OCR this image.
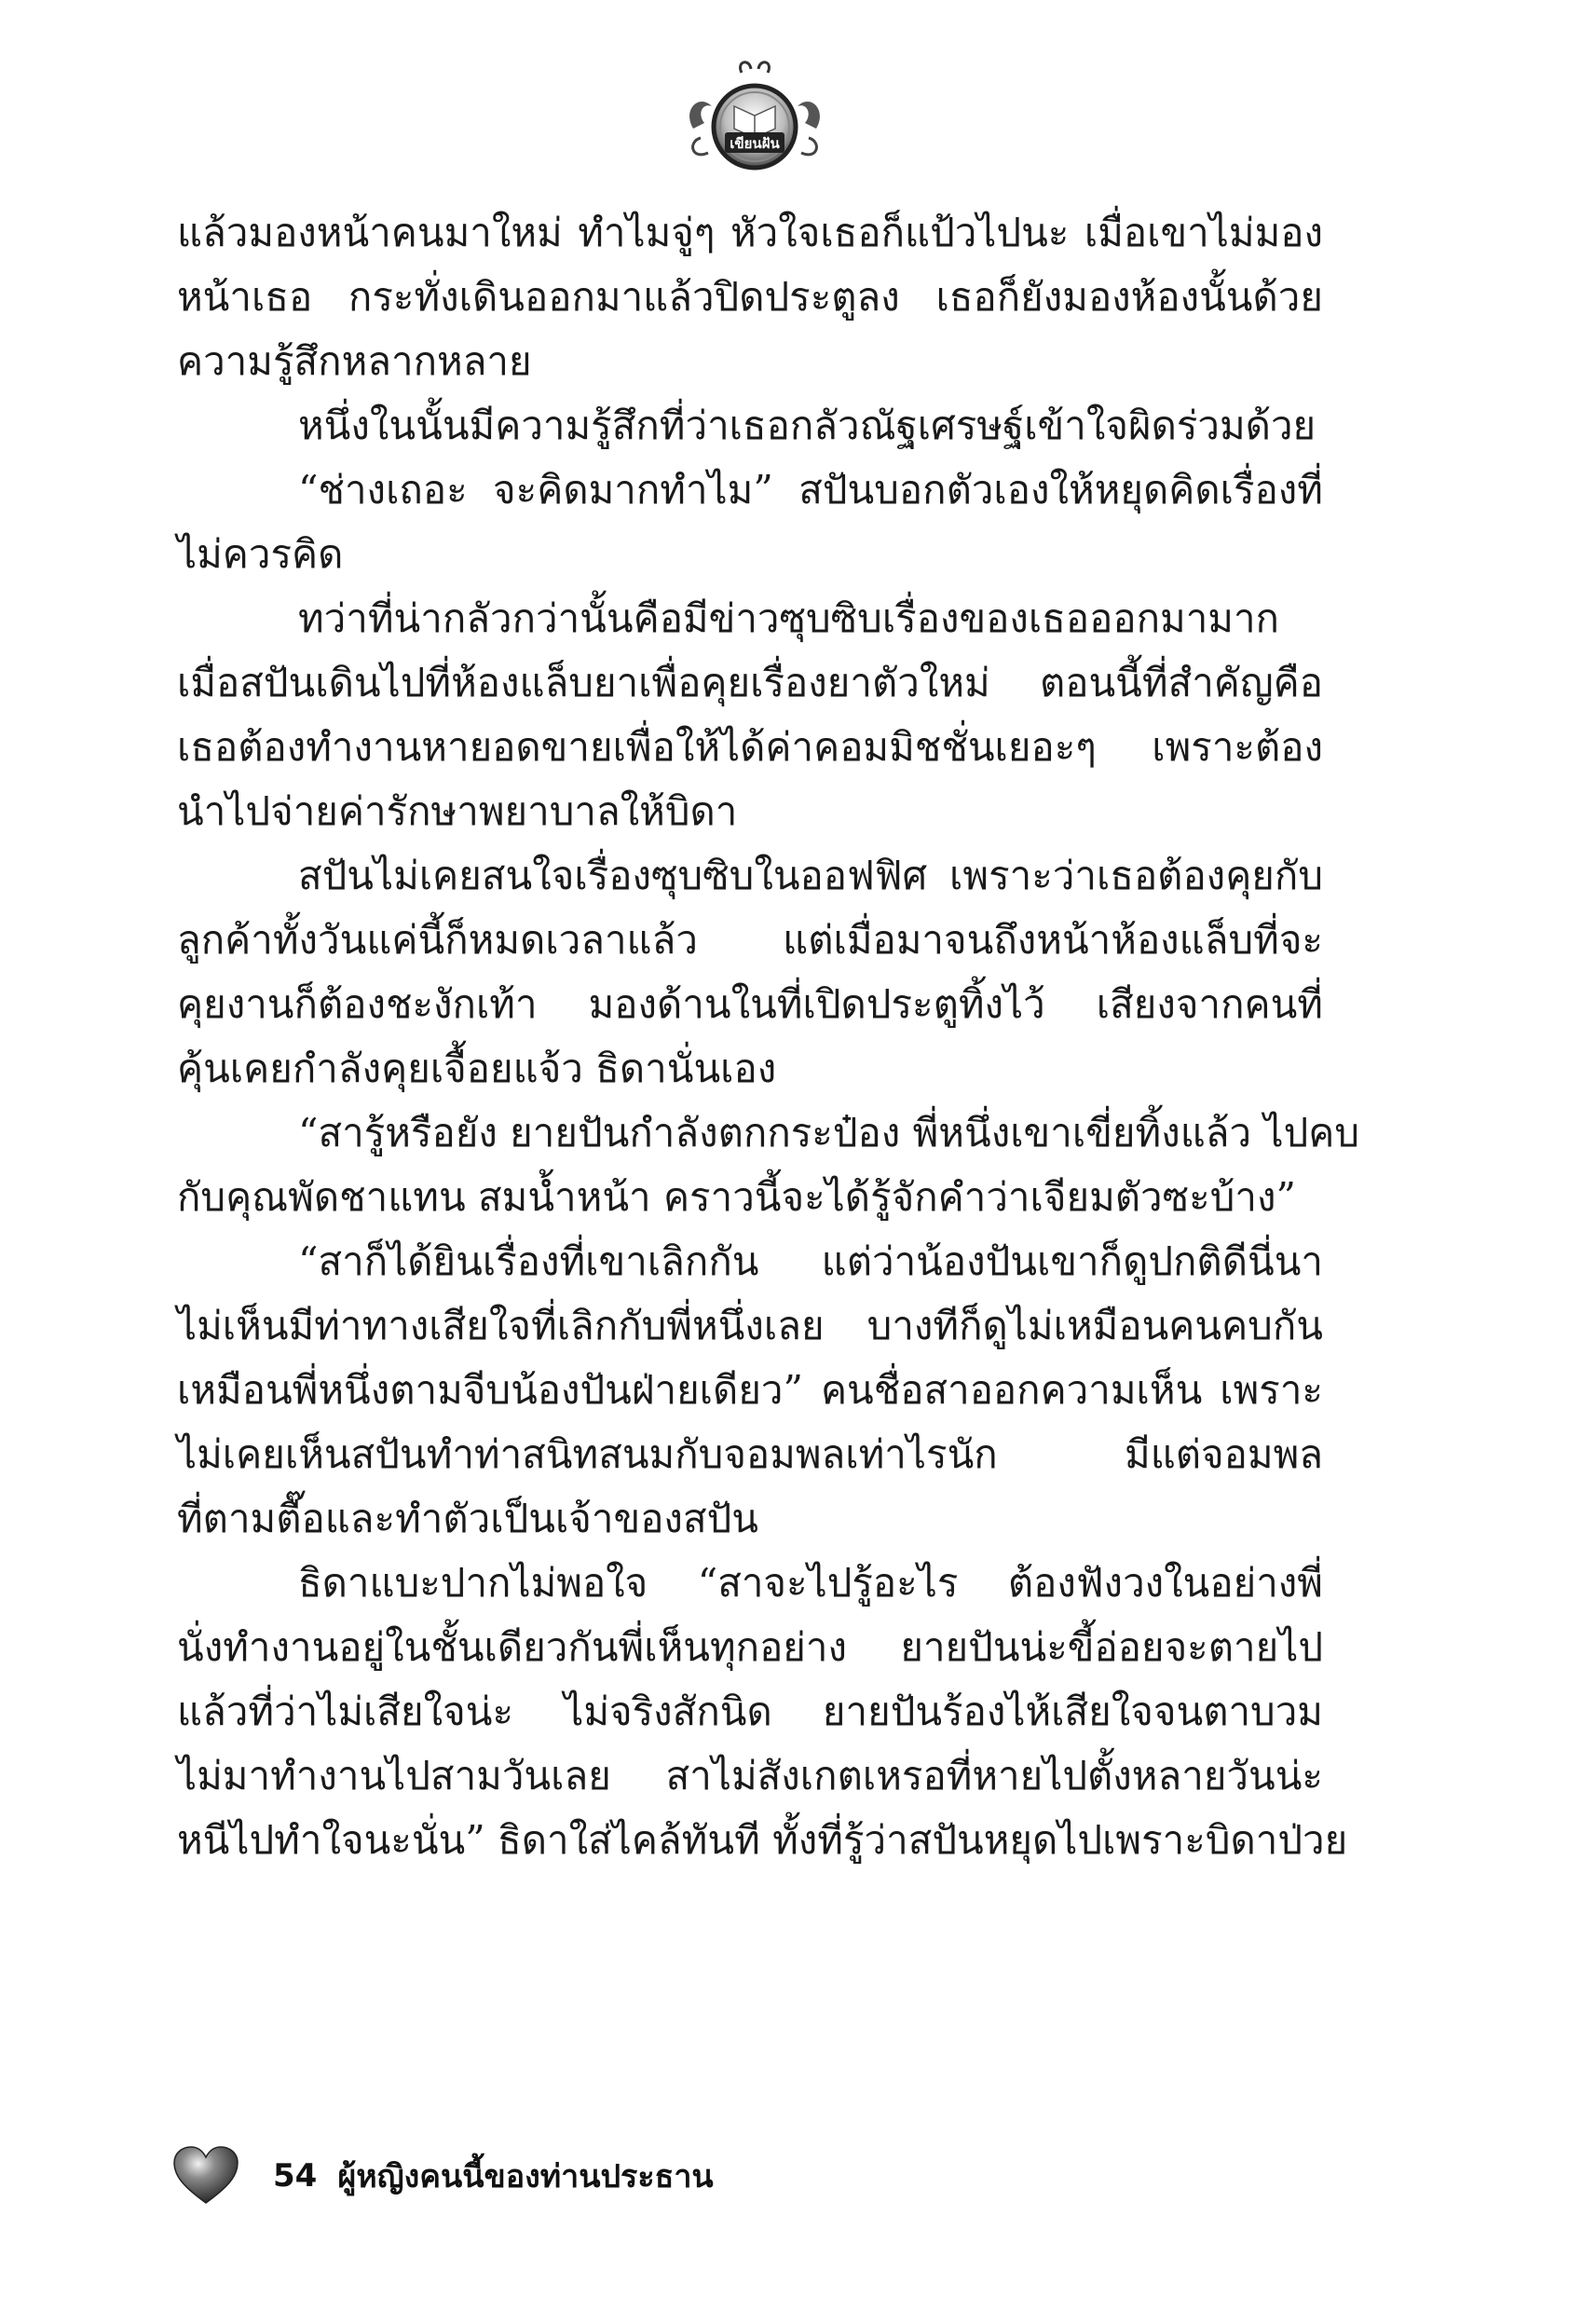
เขียนฝัน
แล้วมองหน้าคนมาใหม่ ทำไมจู่ๆ หัวใจเธอก็แป้วไปนะ เมื่อเขาไม่มอง
หน้าเธอ กระทั่งเดินออกมาแล้วปิดประตูลง เธอก็ยังมองห้องนั้นด้วย
ความรู้สึกหลากหลาย
หนึ่งในนั้นมีความรู้สึกที่ว่าเธอกลัวณัฐเศรษฐ์เข้าใจผิดร่วมด้วย
“ช่างเถอะ จะคิดมากทำไม” สปันบอกตัวเองให้หยุดคิดเรื่องที่
ไม่ควรคิด
ทว่าที่น่ากลัวกว่านั้นคือมีข่าวซุบซิบเรื่องของเธอออกมามาก
เมื่อสปันเดินไปที่ห้องแล็บยาเพื่อคุยเรื่องยาตัวใหม่ ตอนนี้ที่สำคัญคือ
เธอต้องทำงานหายอดขายเพื่อให้ได้ค่าคอมมิชชั่นเยอะๆ เพราะต้อง
นำไปจ่ายค่ารักษาพยาบาลให้บิดา
สปันไม่เคยสนใจเรื่องซุบซิบในออฟฟิศ เพราะว่าเธอต้องคุยกับ
ลูกค้าทั้งวันแค่นี้ก็หมดเวลาแล้ว แต่เมื่อมาจนถึงหน้าห้องแล็บที่จะ
คุยงานก็ต้องชะงักเท้า มองด้านในที่เปิดประตูทิ้งไว้ เสียงจากคนที่
คุ้นเคยกำลังคุยเจื้อยแจ้ว ธิดานั่นเอง
“สารู้หรือยัง ยายปันกำลังตกกระป๋อง พี่หนึ่งเขาเขี่ยทิ้งแล้ว ไปคบ
กับคุณพัดชาแทน สมน้ำหน้า คราวนี้จะได้รู้จักคำว่าเจียมตัวซะบ้าง”
“สาก็ได้ยินเรื่องที่เขาเลิกกัน แต่ว่าน้องปันเขาก็ดูปกติดีนี่นา
ไม่เห็นมีท่าทางเสียใจที่เลิกกับพี่หนึ่งเลย บางทีก็ดูไม่เหมือนคนคบกัน
เหมือนพี่หนึ่งตามจีบน้องปันฝ่ายเดียว” คนชื่อสาออกความเห็น เพราะ
ไม่เคยเห็นสปันทำท่าสนิทสนมกับจอมพลเท่าไรนัก มีแต่จอมพล
ที่ตามตื๊อและทำตัวเป็นเจ้าของสปัน
ธิดาแบะปากไม่พอใจ “สาจะไปรู้อะไร ต้องฟังวงในอย่างพี่
นั่งทำงานอยู่ในชั้นเดียวกันพี่เห็นทุกอย่าง ยายปันน่ะขี้อ่อยจะตายไป
แล้วที่ว่าไม่เสียใจน่ะ ไม่จริงสักนิด ยายปันร้องไห้เสียใจจนตาบวม
ไม่มาทำงานไปสามวันเลย สาไม่สังเกตเหรอที่หายไปตั้งหลายวันน่ะ
หนีไปทำใจนะนั่น” ธิดาใส่ไคล้ทันที ทั้งที่รู้ว่าสปันหยุดไปเพราะบิดาป่วย
54 ผู้หญิงคนนี้ของท่านประธาน
